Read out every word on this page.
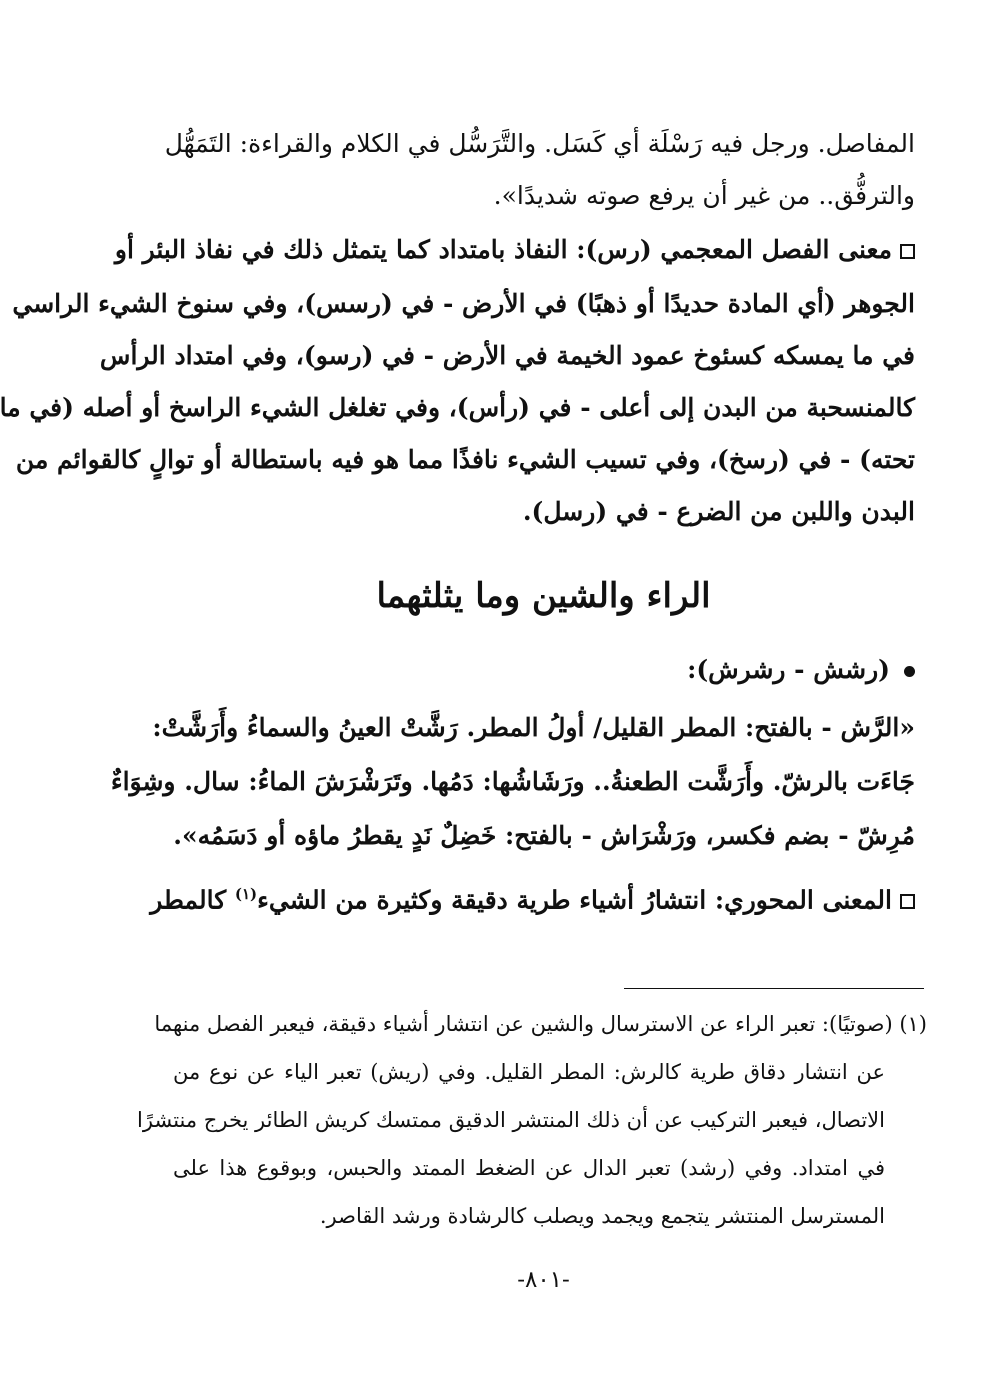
المفاصل. ورجل فيه رَسْلَة أي كَسَل. والتَّرَسُّل في الكلام والقراءة: التَمَهُّل
والترفُّق.. من غير أن يرفع صوته شديدًا».
معنى الفصل المعجمي (رس): النفاذ بامتداد كما يتمثل ذلك في نفاذ البئر أو
الجوهر (أي المادة حديدًا أو ذهبًا) في الأرض - في (رسس)، وفي سنوخ الشيء الراسي
في ما يمسكه كسئوخ عمود الخيمة في الأرض - في (رسو)، وفي امتداد الرأس
كالمنسحبة من البدن إلى أعلى - في (رأس)، وفي تغلغل الشيء الراسخ أو أصله (في ما
تحته) - في (رسخ)، وفي تسيب الشيء نافذًا مما هو فيه باستطالة أو توالٍ كالقوائم من
البدن واللبن من الضرع - في (رسل).
الراء والشين وما يثلثهما
(رشش - رشرش):
«الرَّش - بالفتح: المطر القليل/ أولُ المطر. رَشَّتْ العينُ والسماءُ وأَرَشَّتْ:
جَاءَت بالرشّ. وأَرَشَّت الطعنةُ.. ورَشَاشُها: دَمُها. وتَرَشْرَشَ الماءُ: سال. وشِوَاءٌ
مُرِشّ - بضم فكسر، ورَشْرَاش - بالفتح: خَضِلٌ نَدٍ يقطرُ ماؤه أو دَسَمُه».
المعنى المحوري: انتشارُ أشياء طرية دقيقة وكثيرة من الشيء$^{(١)}$ كالمطر
(١) (صوتيًا): تعبر الراء عن الاسترسال والشين عن انتشار أشياء دقيقة، فيعبر الفصل منهما
عن انتشار دقاق طرية كالرش: المطر القليل. وفي (ريش) تعبر الياء عن نوع من
الاتصال، فيعبر التركيب عن أن ذلك المنتشر الدقيق ممتسك كريش الطائر يخرج منتشرًا
في امتداد. وفي (رشد) تعبر الدال عن الضغط الممتد والحبس، وبوقوع هذا على
المسترسل المنتشر يتجمع ويجمد ويصلب كالرشادة ورشد القاصر.
-٨٠١-
